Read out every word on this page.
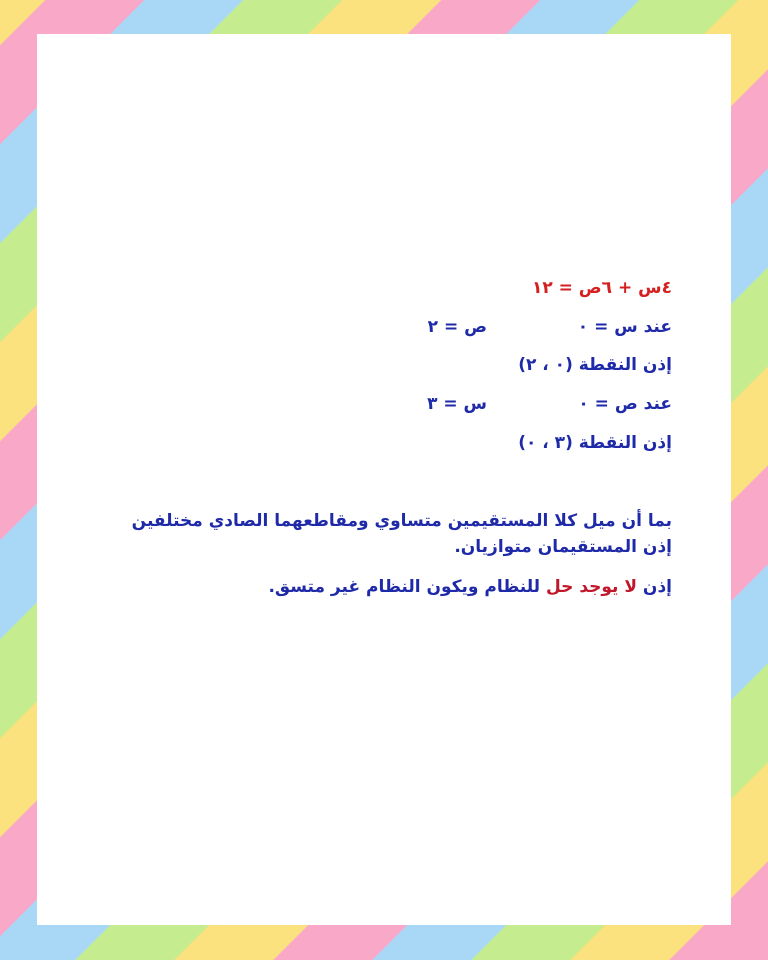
٤س + ٦ص = ١٢
عند س = ٠
ص = ٢
إذن النقطة (٠ ، ٢)
عند ص = ٠
س = ٣
إذن النقطة (٣ ، ٠)
بما أن ميل كلا المستقيمين متساوي ومقاطعهما الصادي مختلفين إذن المستقيمان متوازيان.
إذن لا يوجد حل للنظام ويكون النظام غير متسق.
